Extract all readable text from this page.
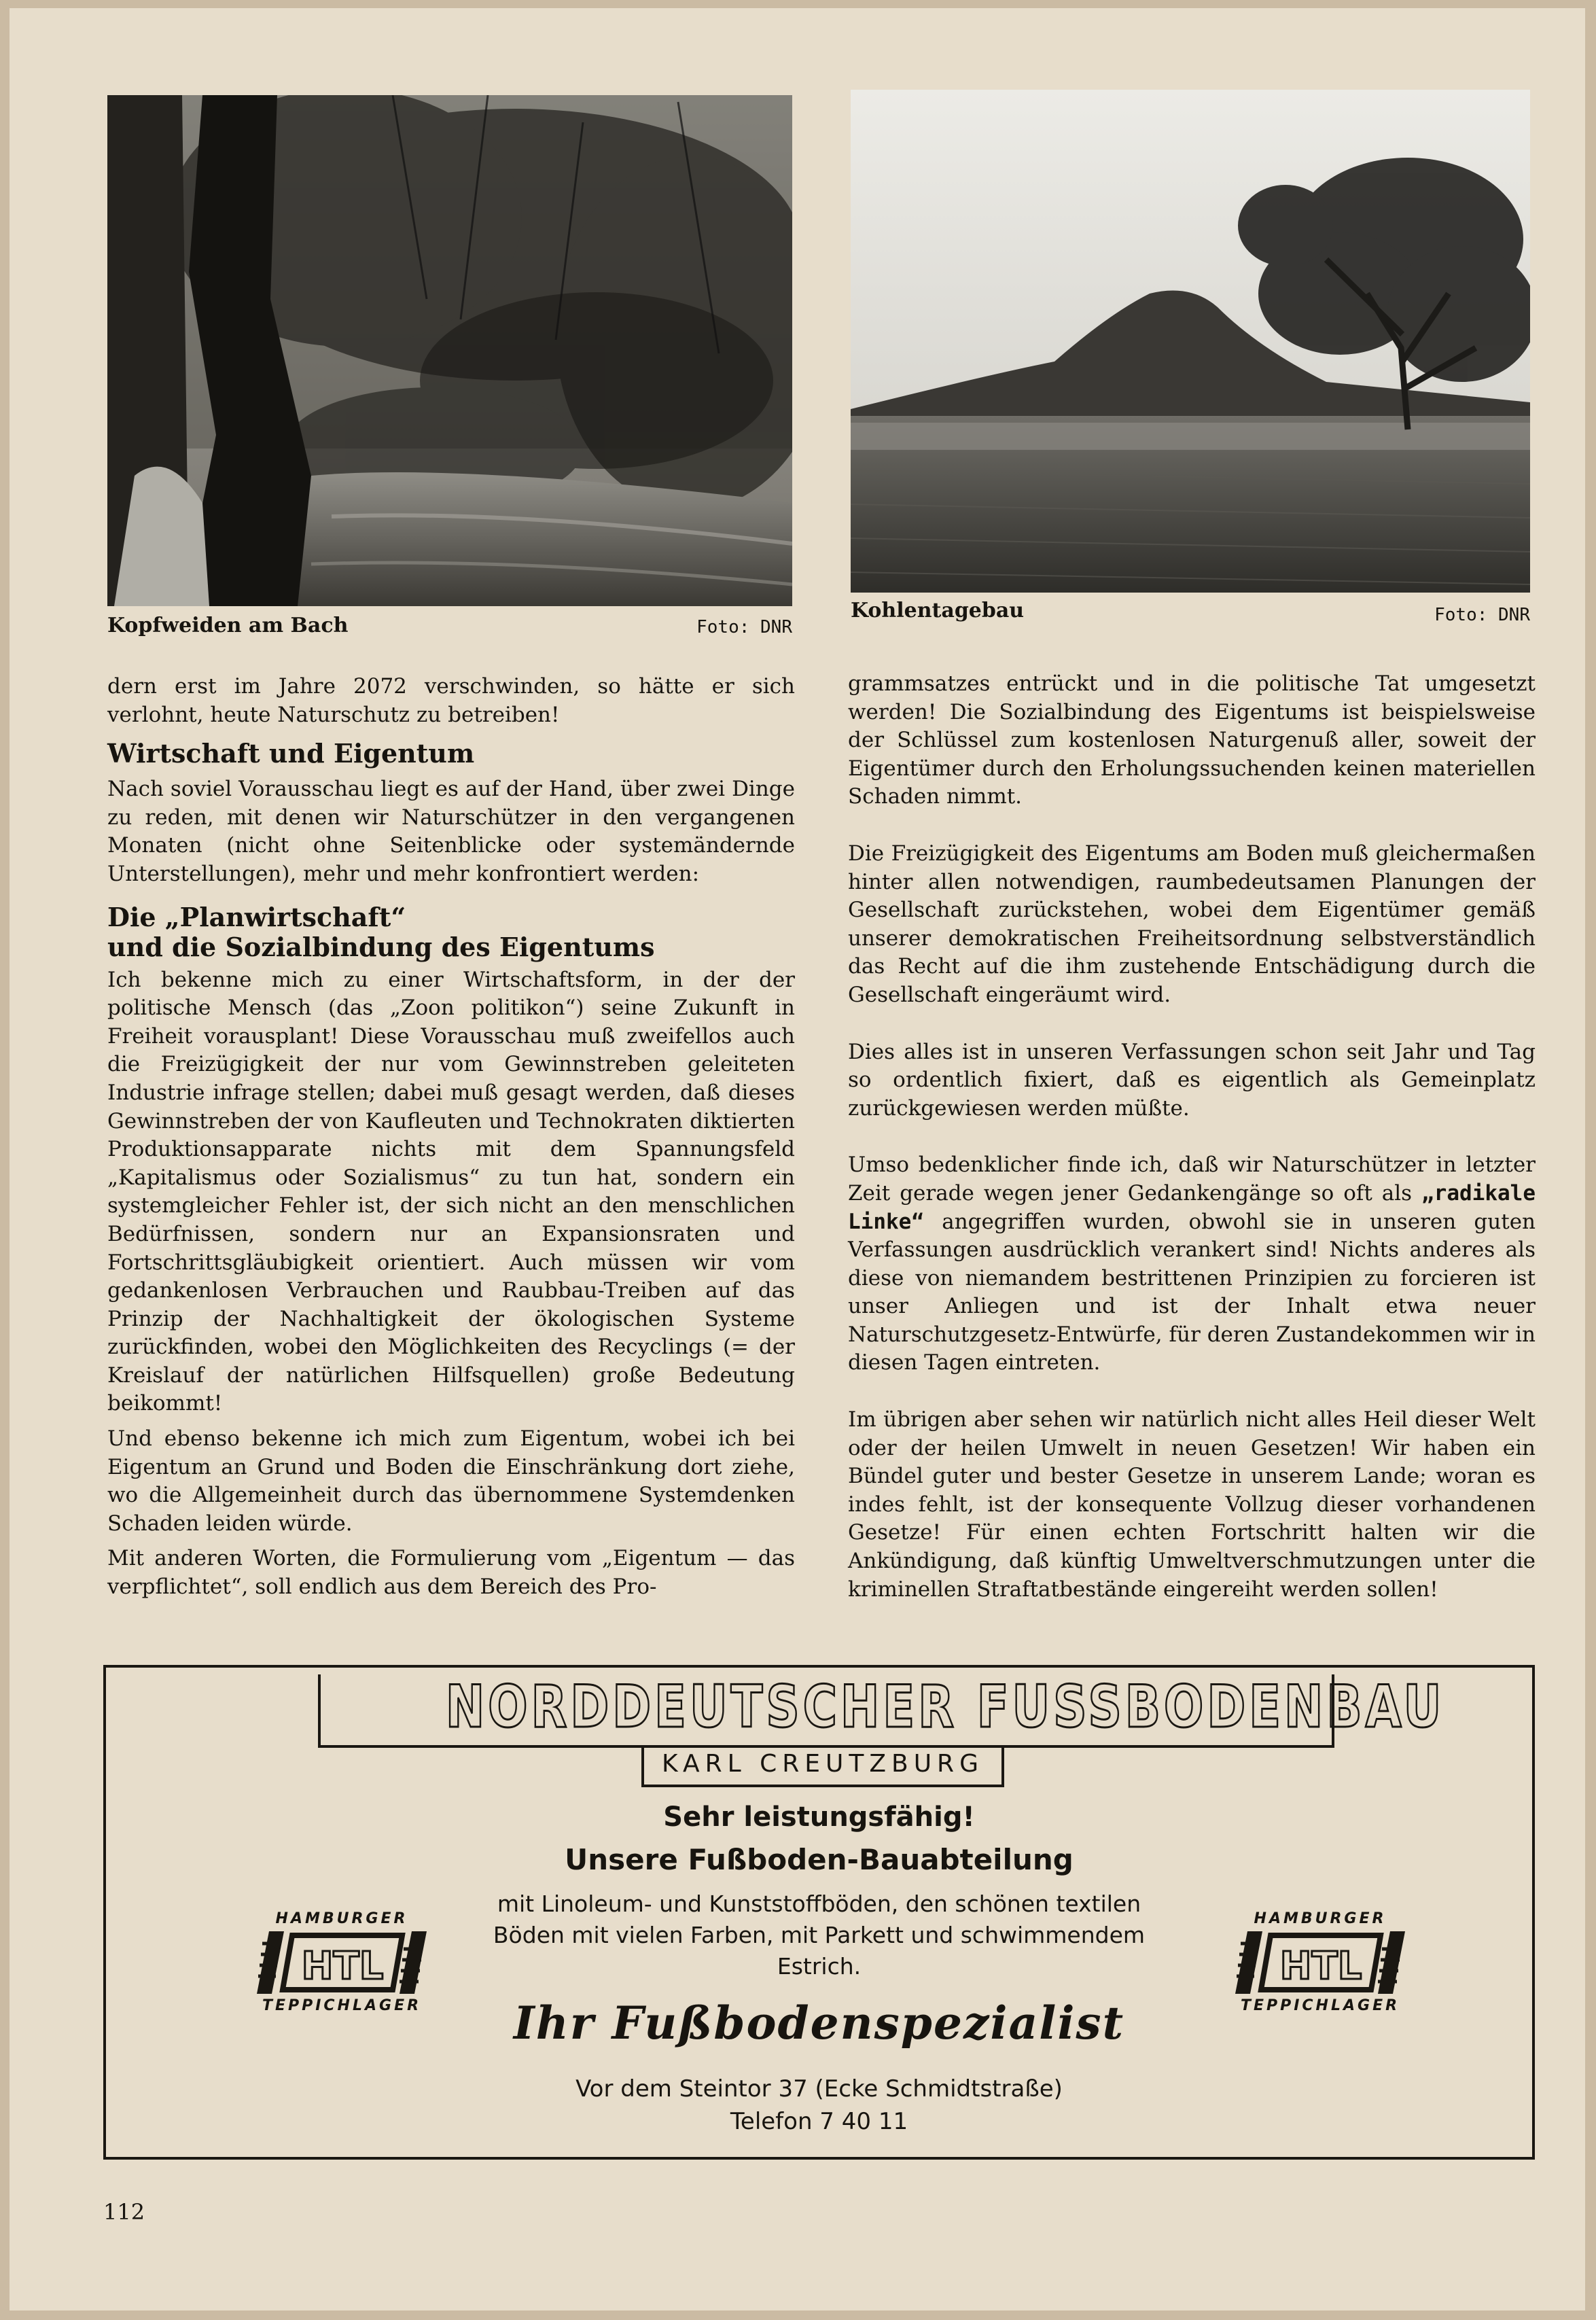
Kopfweiden am Bach	Foto: DNR
Kohlentagebau	Foto: DNR

dern erst im Jahre 2072 verschwinden, so hätte er sich verlohnt, heute Naturschutz zu betreiben!

Wirtschaft und Eigentum

Nach soviel Vorausschau liegt es auf der Hand, über zwei Dinge zu reden, mit denen wir Naturschützer in den vergangenen Monaten (nicht ohne Seitenblicke oder systemändernde Unterstellungen), mehr und mehr konfrontiert werden:

Die „Planwirtschaft“
und die Sozialbindung des Eigentums

Ich bekenne mich zu einer Wirtschaftsform, in der der politische Mensch (das „Zoon politikon“) seine Zukunft in Freiheit vorausplant! Diese Vorausschau muß zweifellos auch die Freizügigkeit der nur vom Gewinnstreben geleiteten Industrie infrage stellen; dabei muß gesagt werden, daß dieses Gewinnstreben der von Kaufleuten und Technokraten diktierten Produktionsapparate nichts mit dem Spannungsfeld „Kapitalismus oder Sozialismus“ zu tun hat, sondern ein systemgleicher Fehler ist, der sich nicht an den menschlichen Bedürfnissen, sondern nur an Expansionsraten und Fortschrittsgläubigkeit orientiert. Auch müssen wir vom gedankenlosen Verbrauchen und Raubbau-Treiben auf das Prinzip der Nachhaltigkeit der ökologischen Systeme zurückfinden, wobei den Möglichkeiten des Recyclings (= der Kreislauf der natürlichen Hilfsquellen) große Bedeutung beikommt!

Und ebenso bekenne ich mich zum Eigentum, wobei ich bei Eigentum an Grund und Boden die Einschränkung dort ziehe, wo die Allgemeinheit durch das übernommene Systemdenken Schaden leiden würde.

Mit anderen Worten, die Formulierung vom „Eigentum — das verpflichtet“, soll endlich aus dem Bereich des Pro-

grammsatzes entrückt und in die politische Tat umgesetzt werden! Die Sozialbindung des Eigentums ist beispielsweise der Schlüssel zum kostenlosen Naturgenuß aller, soweit der Eigentümer durch den Erholungssuchenden keinen materiellen Schaden nimmt.

Die Freizügigkeit des Eigentums am Boden muß gleichermaßen hinter allen notwendigen, raumbedeutsamen Planungen der Gesellschaft zurückstehen, wobei dem Eigentümer gemäß unserer demokratischen Freiheitsordnung selbstverständlich das Recht auf die ihm zustehende Entschädigung durch die Gesellschaft eingeräumt wird.

Dies alles ist in unseren Verfassungen schon seit Jahr und Tag so ordentlich fixiert, daß es eigentlich als Gemeinplatz zurückgewiesen werden müßte.

Umso bedenklicher finde ich, daß wir Naturschützer in letzter Zeit gerade wegen jener Gedankengänge so oft als „radikale Linke“ angegriffen wurden, obwohl sie in unseren guten Verfassungen ausdrücklich verankert sind! Nichts anderes als diese von niemandem bestrittenen Prinzipien zu forcieren ist unser Anliegen und ist der Inhalt etwa neuer Naturschutzgesetz-Entwürfe, für deren Zustandekommen wir in diesen Tagen eintreten.

Im übrigen aber sehen wir natürlich nicht alles Heil dieser Welt oder der heilen Umwelt in neuen Gesetzen! Wir haben ein Bündel guter und bester Gesetze in unserem Lande; woran es indes fehlt, ist der konsequente Vollzug dieser vorhandenen Gesetze! Für einen echten Fortschritt halten wir die Ankündigung, daß künftig Umweltverschmutzungen unter die kriminellen Straftatbestände eingereiht werden sollen!

NORDDEUTSCHER FUSSBODENBAU
KARL CREUTZBURG
Sehr leistungsfähig!
Unsere Fußboden-Bauabteilung
mit Linoleum- und Kunststoffböden, den schönen textilen
Böden mit vielen Farben, mit Parkett und schwimmendem
Estrich.
Ihr Fußbodenspezialist
Vor dem Steintor 37 (Ecke Schmidtstraße)
Telefon 7 40 11
HAMBURGER
HTL
TEPPICHLAGER
HAMBURGER
HTL
TEPPICHLAGER
112
